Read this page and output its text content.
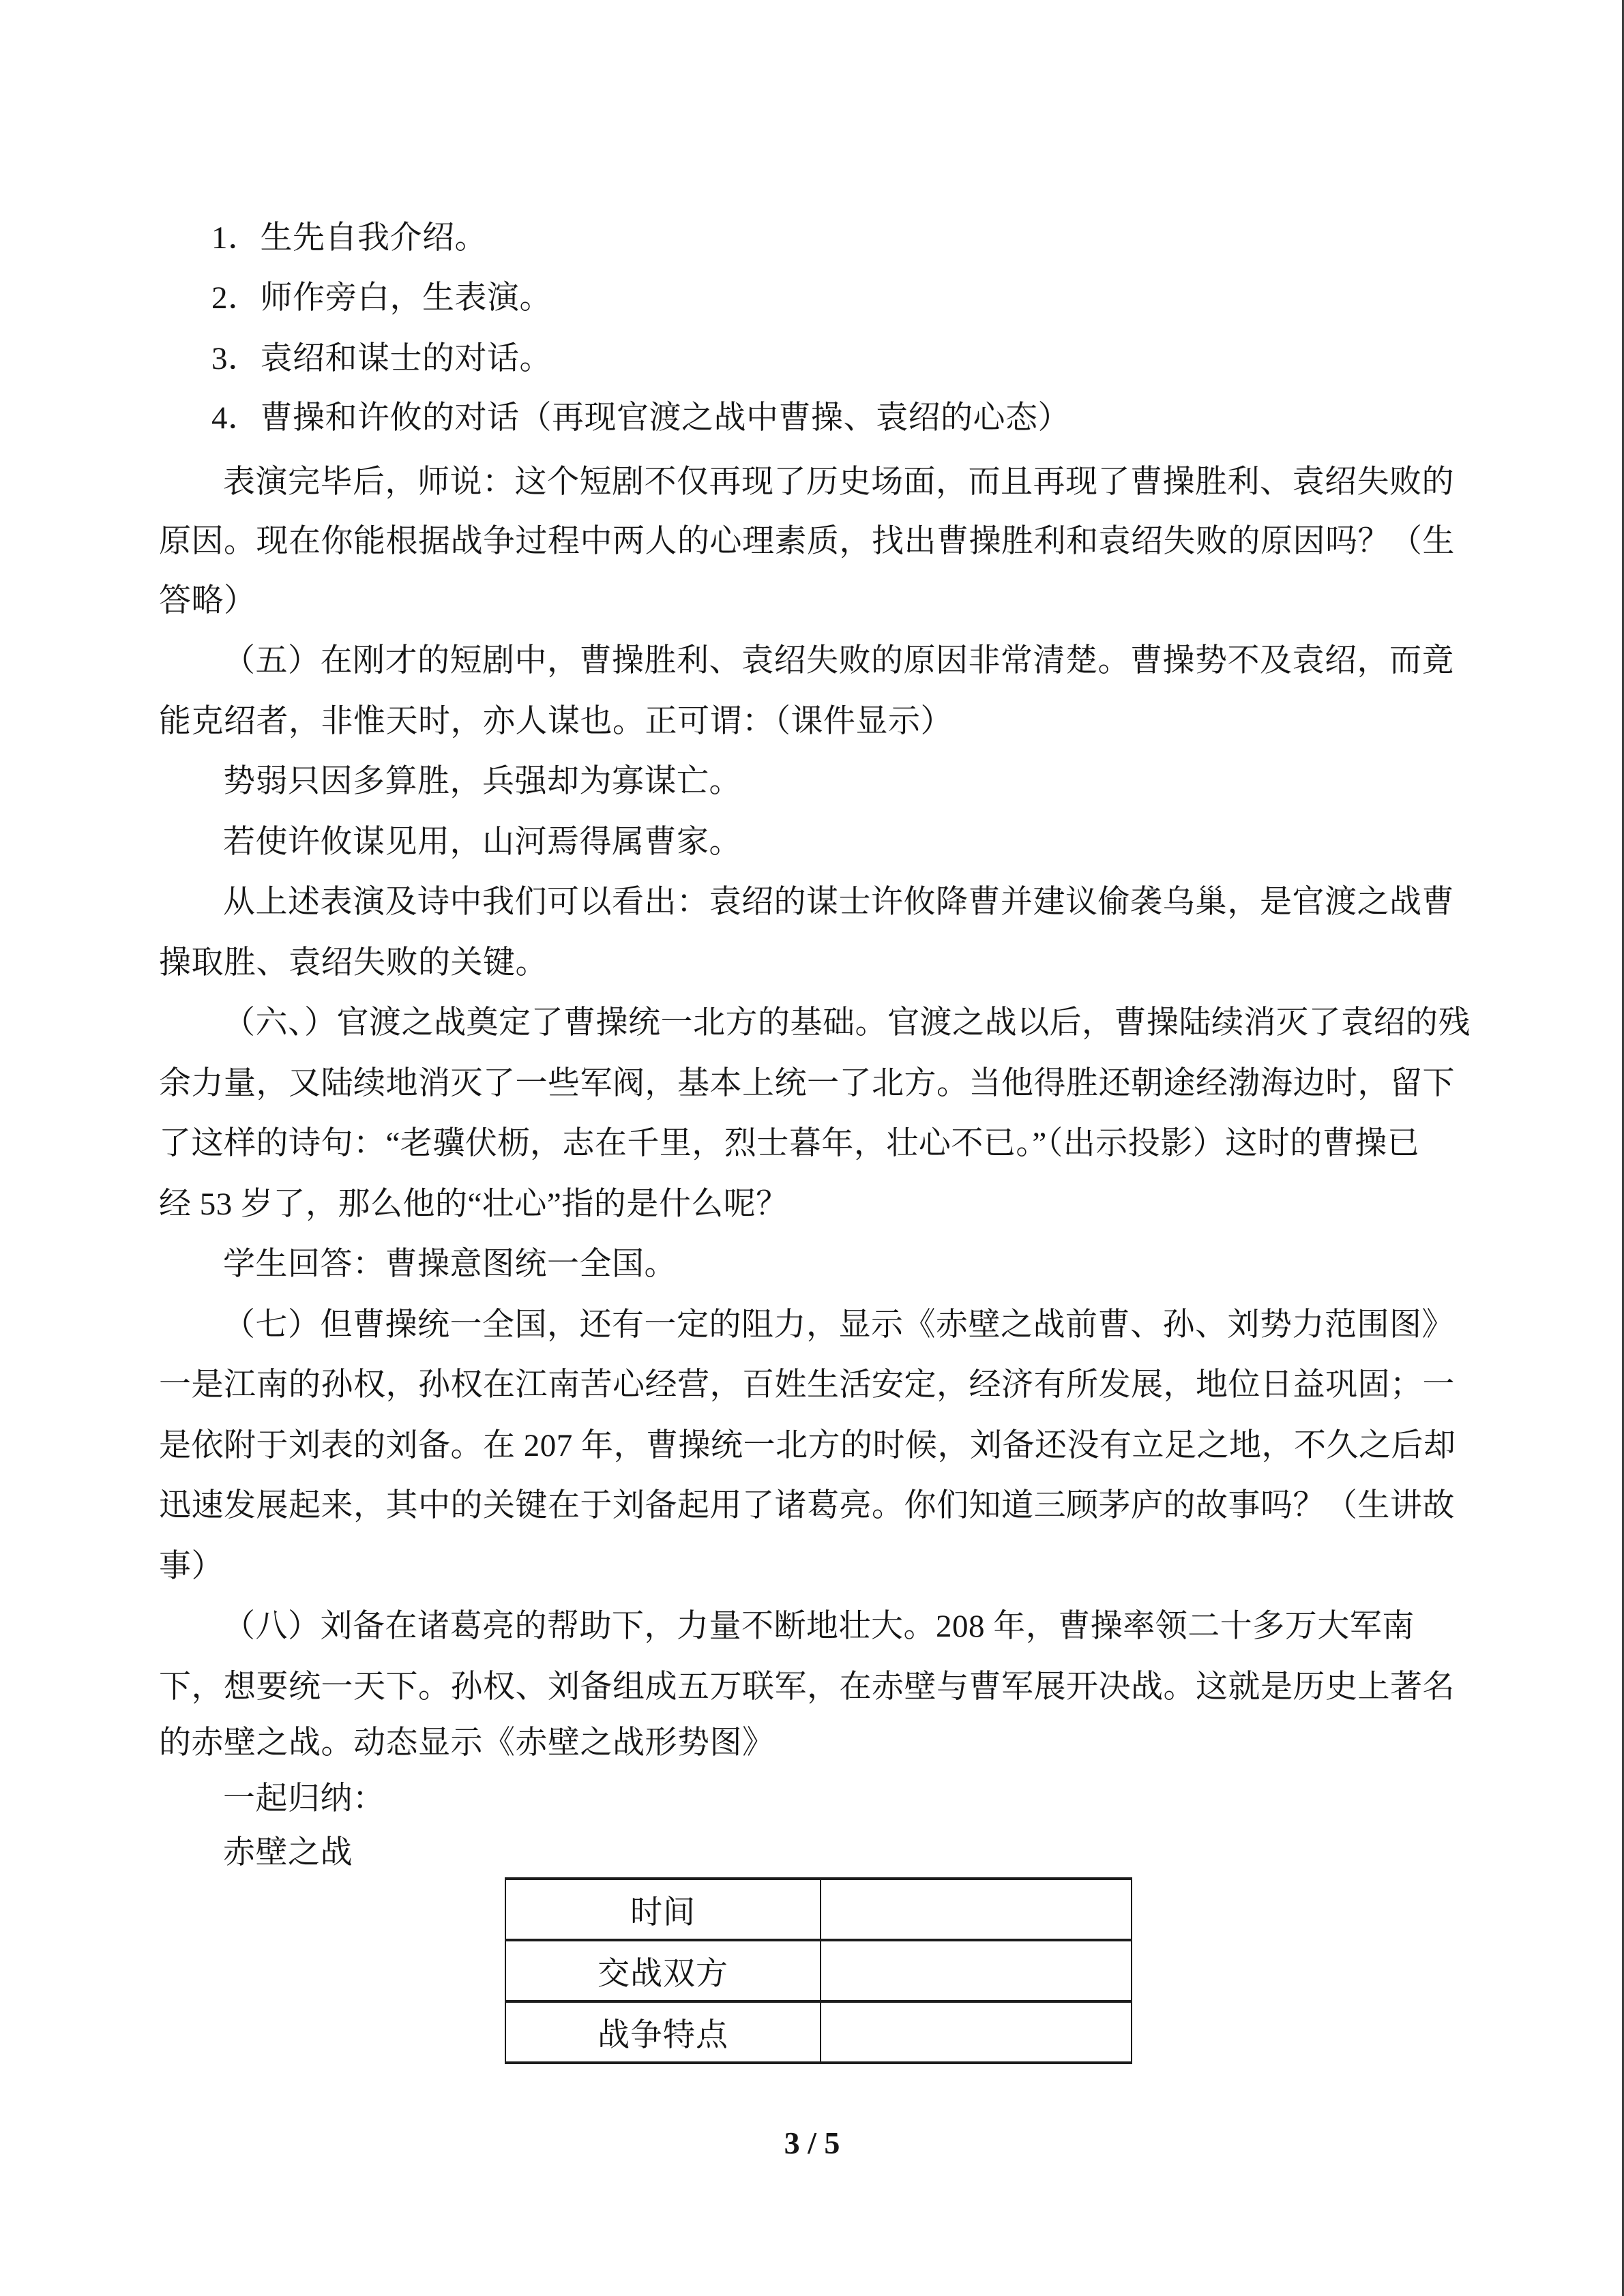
1．生先自我介绍。
2．师作旁白，生表演。
3．袁绍和谋士的对话。
4．曹操和许攸的对话（再现官渡之战中曹操、袁绍的心态）
表演完毕后，师说：这个短剧不仅再现了历史场面，而且再现了曹操胜利、袁绍失败的
原因。现在你能根据战争过程中两人的心理素质，找出曹操胜利和袁绍失败的原因吗？（生
答略）
（五）在刚才的短剧中，曹操胜利、袁绍失败的原因非常清楚。曹操势不及袁绍，而竟
能克绍者，非惟天时，亦人谋也。正可谓：（课件显示）
势弱只因多算胜，兵强却为寡谋亡。
若使许攸谋见用，山河焉得属曹家。
从上述表演及诗中我们可以看出：袁绍的谋士许攸降曹并建议偷袭乌巢，是官渡之战曹
操取胜、袁绍失败的关键。
（六、）官渡之战奠定了曹操统一北方的基础。官渡之战以后，曹操陆续消灭了袁绍的残
余力量，又陆续地消灭了一些军阀，基本上统一了北方。当他得胜还朝途经渤海边时，留下
了这样的诗句：“老骥伏枥，志在千里，烈士暮年，壮心不已。”（出示投影）这时的曹操已
经 53 岁了，那么他的“壮心”指的是什么呢？
学生回答：曹操意图统一全国。
（七）但曹操统一全国，还有一定的阻力，显示《赤壁之战前曹、孙、刘势力范围图》
一是江南的孙权，孙权在江南苦心经营，百姓生活安定，经济有所发展，地位日益巩固；一
是依附于刘表的刘备。在 207 年，曹操统一北方的时候，刘备还没有立足之地，不久之后却
迅速发展起来，其中的关键在于刘备起用了诸葛亮。你们知道三顾茅庐的故事吗？（生讲故
事）
（八）刘备在诸葛亮的帮助下，力量不断地壮大。208 年，曹操率领二十多万大军南
下，想要统一天下。孙权、刘备组成五万联军，在赤壁与曹军展开决战。这就是历史上著名
的赤壁之战。动态显示《赤壁之战形势图》
一起归纳：
赤壁之战
时间
交战双方
战争特点
3 / 5
